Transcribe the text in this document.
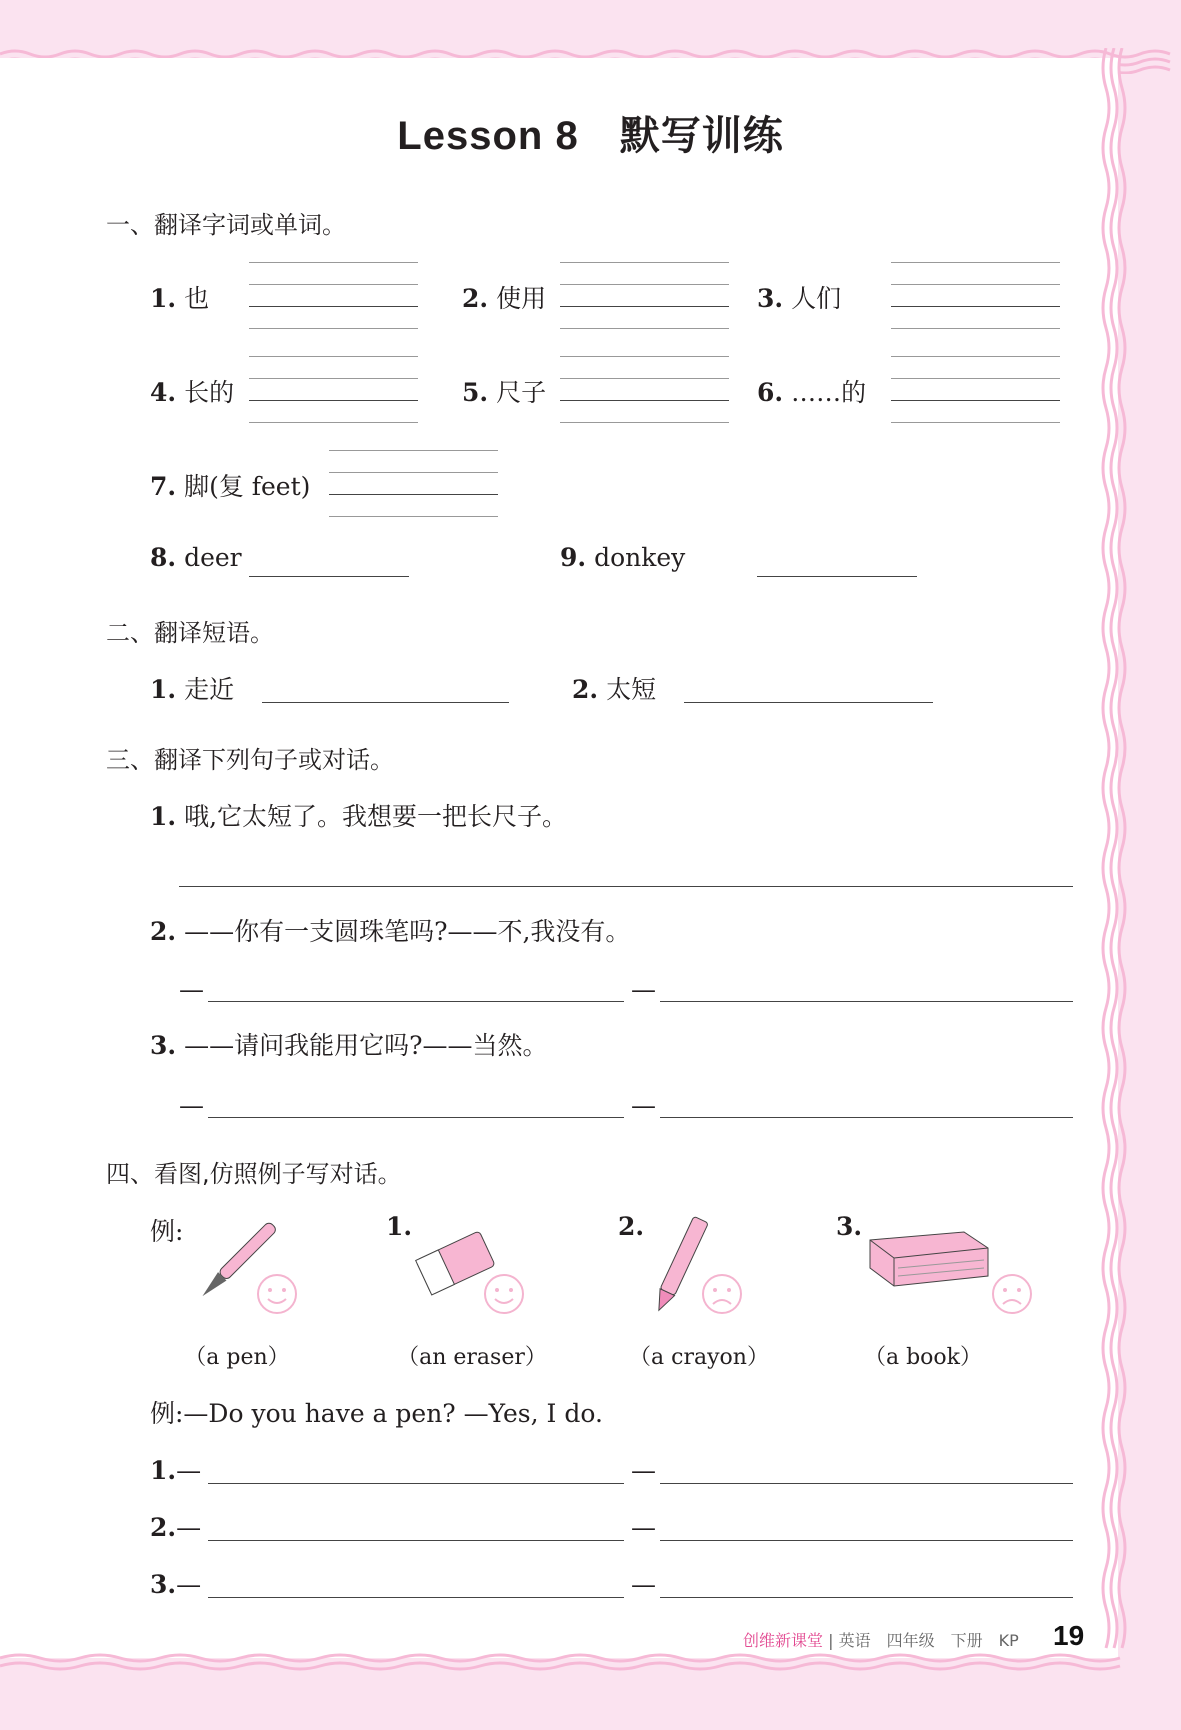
Lesson 8　默写训练
一、翻译字词或单词。
1. 也	2. 使用	3. 人们
4. 长的	5. 尺子	6. ……的
7. 脚(复 feet)
8. deer	9. donkey
二、翻译短语。
1. 走近	2. 太短
三、翻译下列句子或对话。
1. 哦,它太短了。我想要一把长尺子。
2. ——你有一支圆珠笔吗?——不,我没有。
—	—
3. ——请问我能用它吗?——当然。
—	—
四、看图,仿照例子写对话。
例:	1.	2.	3.
（a pen）	（an eraser）	（a crayon）	（a book）
例:—Do you have a pen? —Yes, I do.
1.—	—
2.—	—
3.—	—
创维新课堂 | 英语　四年级　下册　KP 19
